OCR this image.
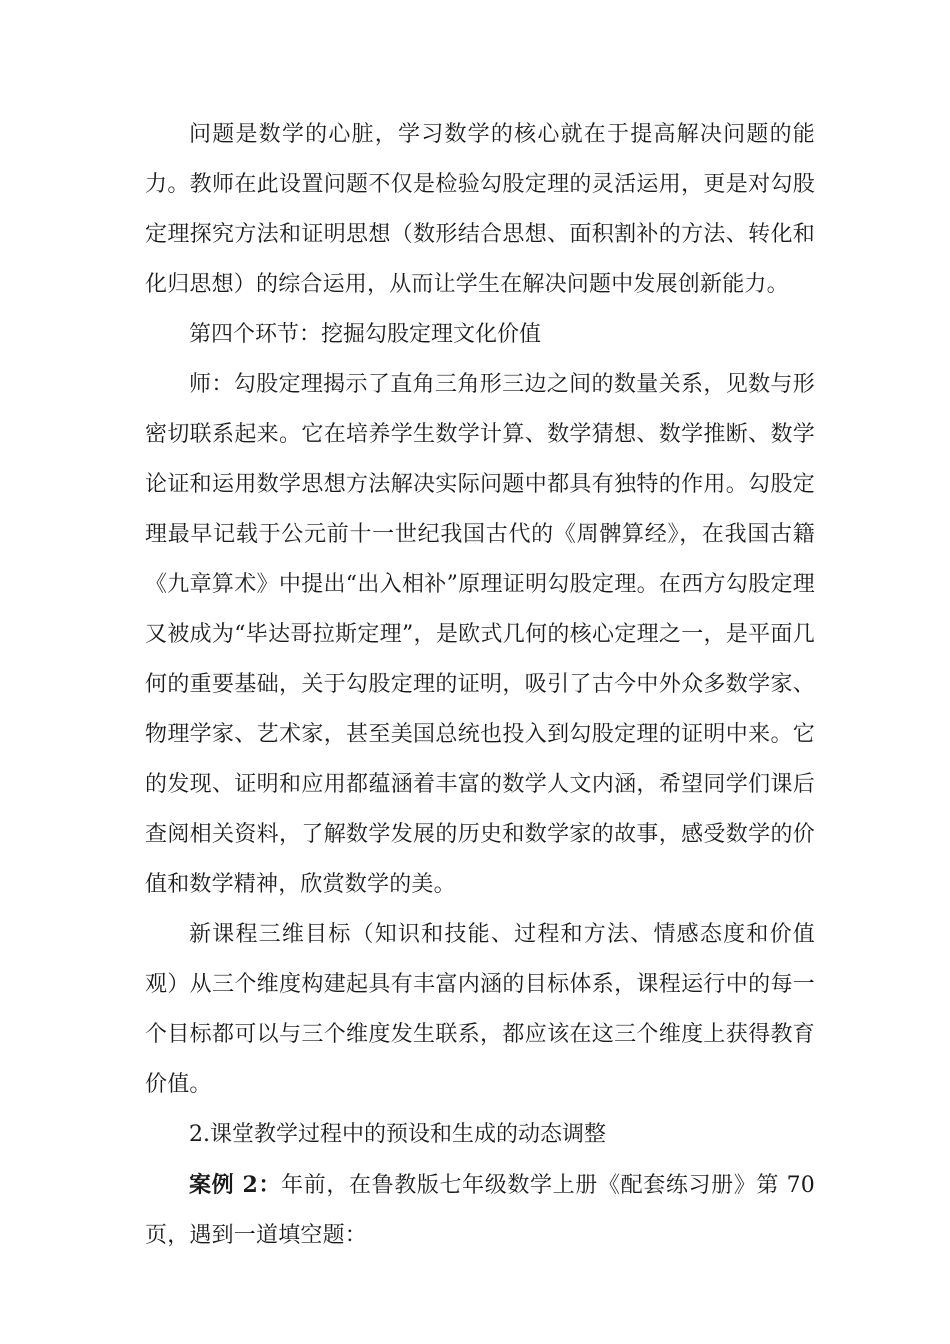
问题是数学的心脏，学习数学的核心就在于提高解决问题的能力。教师在此设置问题不仅是检验勾股定理的灵活运用，更是对勾股定理探究方法和证明思想（数形结合思想、面积割补的方法、转化和化归思想）的综合运用，从而让学生在解决问题中发展创新能力。

第四个环节：挖掘勾股定理文化价值

师：勾股定理揭示了直角三角形三边之间的数量关系，见数与形密切联系起来。它在培养学生数学计算、数学猜想、数学推断、数学论证和运用数学思想方法解决实际问题中都具有独特的作用。勾股定理最早记载于公元前十一世纪我国古代的《周髀算经》，在我国古籍《九章算术》中提出“出入相补”原理证明勾股定理。在西方勾股定理又被成为“毕达哥拉斯定理”，是欧式几何的核心定理之一，是平面几何的重要基础，关于勾股定理的证明，吸引了古今中外众多数学家、物理学家、艺术家，甚至美国总统也投入到勾股定理的证明中来。它的发现、证明和应用都蕴涵着丰富的数学人文内涵，希望同学们课后查阅相关资料，了解数学发展的历史和数学家的故事，感受数学的价值和数学精神，欣赏数学的美。

新课程三维目标（知识和技能、过程和方法、情感态度和价值观）从三个维度构建起具有丰富内涵的目标体系，课程运行中的每一个目标都可以与三个维度发生联系，都应该在这三个维度上获得教育价值。

2.课堂教学过程中的预设和生成的动态调整

案例 2：年前，在鲁教版七年级数学上册《配套练习册》第 70 页，遇到一道填空题：
